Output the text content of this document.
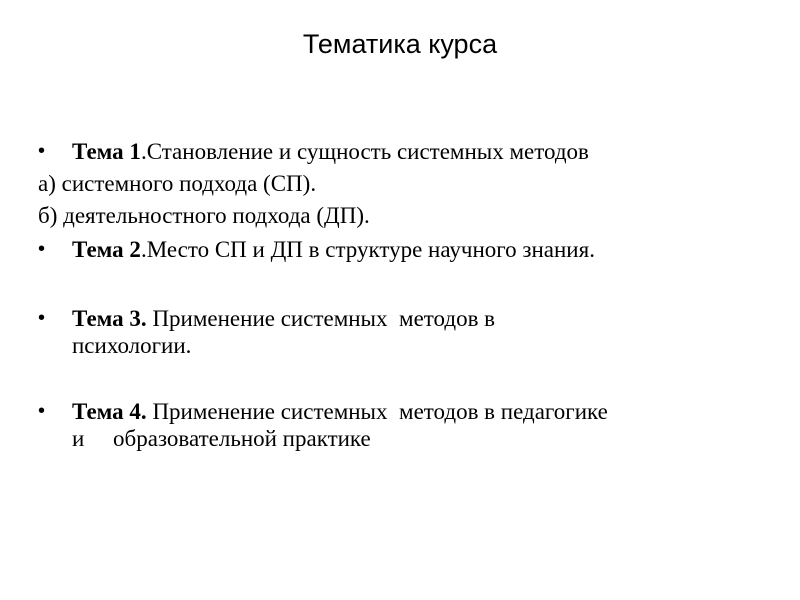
Тематика курса
• Тема 1.Становление и сущность системных методов
а) системного подхода (СП).
б) деятельностного подхода (ДП).
• Тема 2.Место СП и ДП в структуре научного знания.
• Тема 3. Применение системных  методов в
психологии.
• Тема 4. Применение системных  методов в педагогике
и     образовательной практике
